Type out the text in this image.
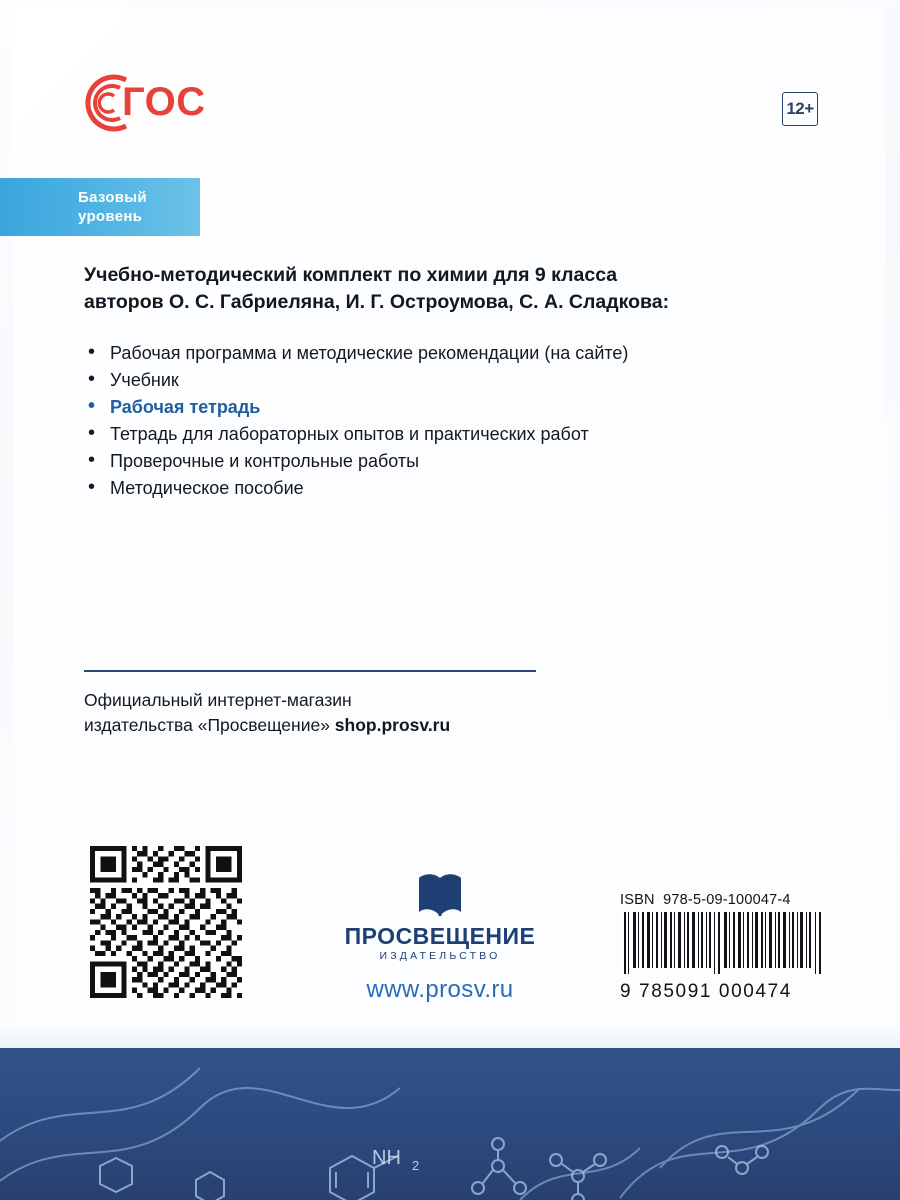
ГОС	12+
Базовый
уровень
Учебно-методический комплект по химии для 9 класса
авторов О. С. Габриеляна, И. Г. Остроумова, С. А. Сладкова:
• Рабочая программа и методические рекомендации (на сайте)
• Учебник
• Рабочая тетрадь
• Тетрадь для лабораторных опытов и практических работ
• Проверочные и контрольные работы
• Методическое пособие
Официальный интернет-магазин
издательства «Просвещение» shop.prosv.ru
ПРОСВЕЩЕНИЕ
ИЗДАТЕЛЬСТВО
www.prosv.ru
ISBN 978-5-09-100047-4
9 785091 000474
NH 2
